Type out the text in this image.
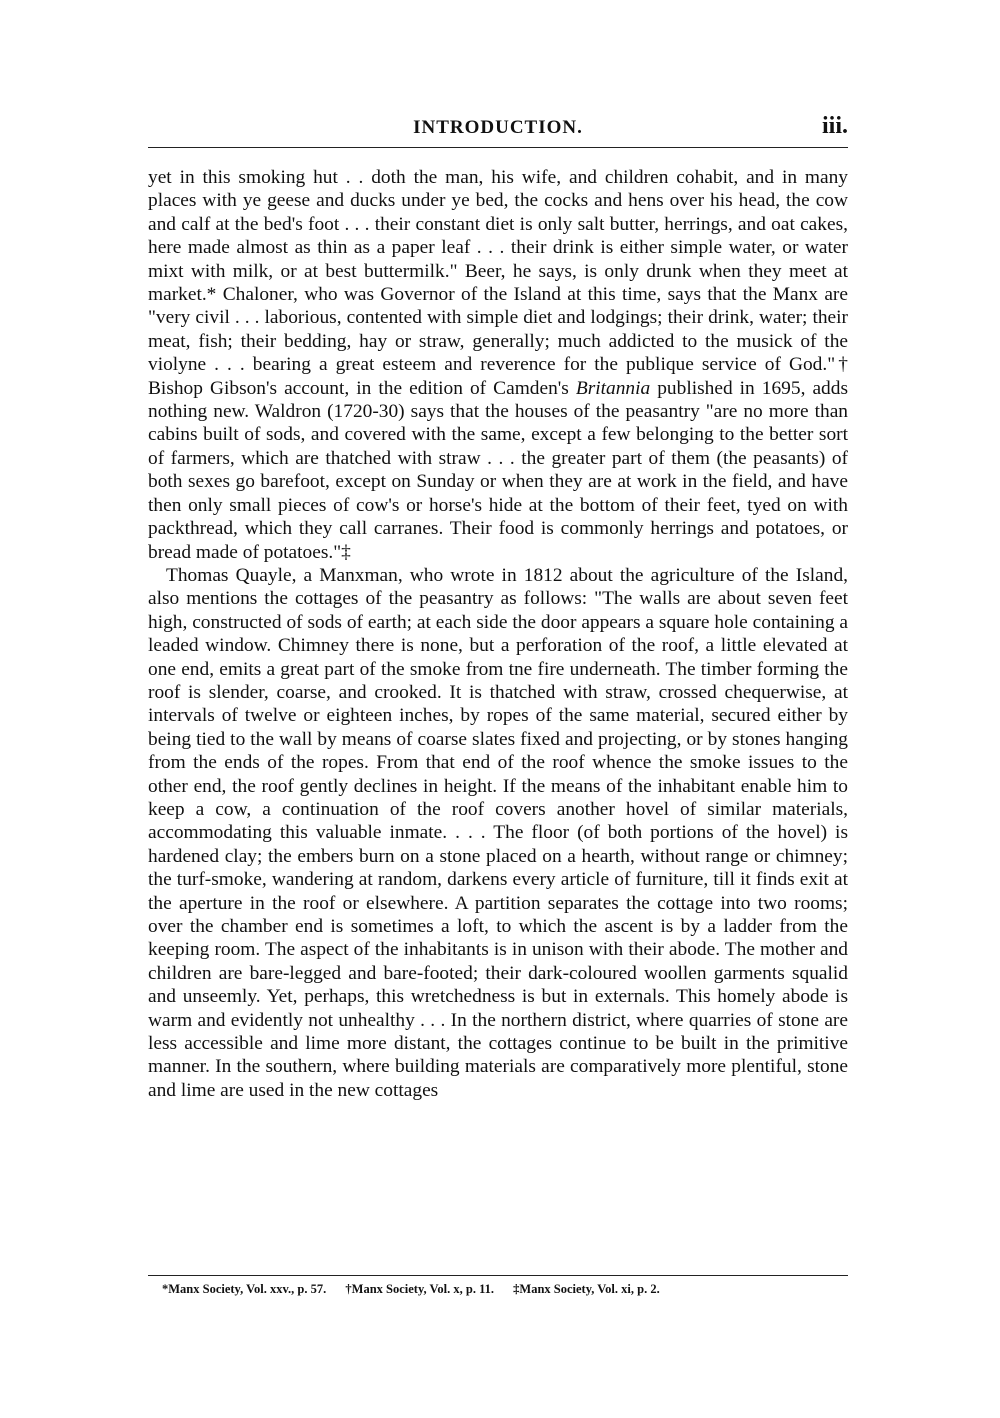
INTRODUCTION.	iii.

yet in this smoking hut . . doth the man, his wife, and children cohabit, and in many places with ye geese and ducks under ye bed, the cocks and hens over his head, the cow and calf at the bed's foot . . . their constant diet is only salt butter, herrings, and oat cakes, here made almost as thin as a paper leaf . . . their drink is either simple water, or water mixt with milk, or at best buttermilk." Beer, he says, is only drunk when they meet at market.* Chaloner, who was Governor of the Island at this time, says that the Manx are "very civil . . . laborious, contented with simple diet and lodgings; their drink, water; their meat, fish; their bedding, hay or straw, generally; much addicted to the musick of the violyne . . . bearing a great esteem and reverence for the publique service of God."† Bishop Gibson's account, in the edition of Camden's Britannia published in 1695, adds nothing new. Waldron (1720-30) says that the houses of the peasantry "are no more than cabins built of sods, and covered with the same, except a few belonging to the better sort of farmers, which are thatched with straw . . . the greater part of them (the peasants) of both sexes go barefoot, except on Sunday or when they are at work in the field, and have then only small pieces of cow's or horse's hide at the bottom of their feet, tyed on with packthread, which they call carranes. Their food is commonly herrings and potatoes, or bread made of potatoes."‡

Thomas Quayle, a Manxman, who wrote in 1812 about the agriculture of the Island, also mentions the cottages of the peasantry as follows: "The walls are about seven feet high, constructed of sods of earth; at each side the door appears a square hole containing a leaded window. Chimney there is none, but a perforation of the roof, a little elevated at one end, emits a great part of the smoke from tne fire underneath. The timber forming the roof is slender, coarse, and crooked. It is thatched with straw, crossed chequerwise, at intervals of twelve or eighteen inches, by ropes of the same material, secured either by being tied to the wall by means of coarse slates fixed and projecting, or by stones hanging from the ends of the ropes. From that end of the roof whence the smoke issues to the other end, the roof gently declines in height. If the means of the inhabitant enable him to keep a cow, a continuation of the roof covers another hovel of similar materials, accommodating this valuable inmate. . . . The floor (of both portions of the hovel) is hardened clay; the embers burn on a stone placed on a hearth, without range or chimney; the turf-smoke, wandering at random, darkens every article of furniture, till it finds exit at the aperture in the roof or elsewhere. A partition separates the cottage into two rooms; over the chamber end is sometimes a loft, to which the ascent is by a ladder from the keeping room. The aspect of the inhabitants is in unison with their abode. The mother and children are bare-legged and bare-footed; their dark-coloured woollen garments squalid and unseemly. Yet, perhaps, this wretchedness is but in externals. This homely abode is warm and evidently not unhealthy . . . In the northern district, where quarries of stone are less accessible and lime more distant, the cottages continue to be built in the primitive manner. In the southern, where building materials are comparatively more plentiful, stone and lime are used in the new cottages

*Manx Society, Vol. xxv., p. 57. †Manx Society, Vol. x, p. 11. ‡Manx Society, Vol. xi, p. 2.
